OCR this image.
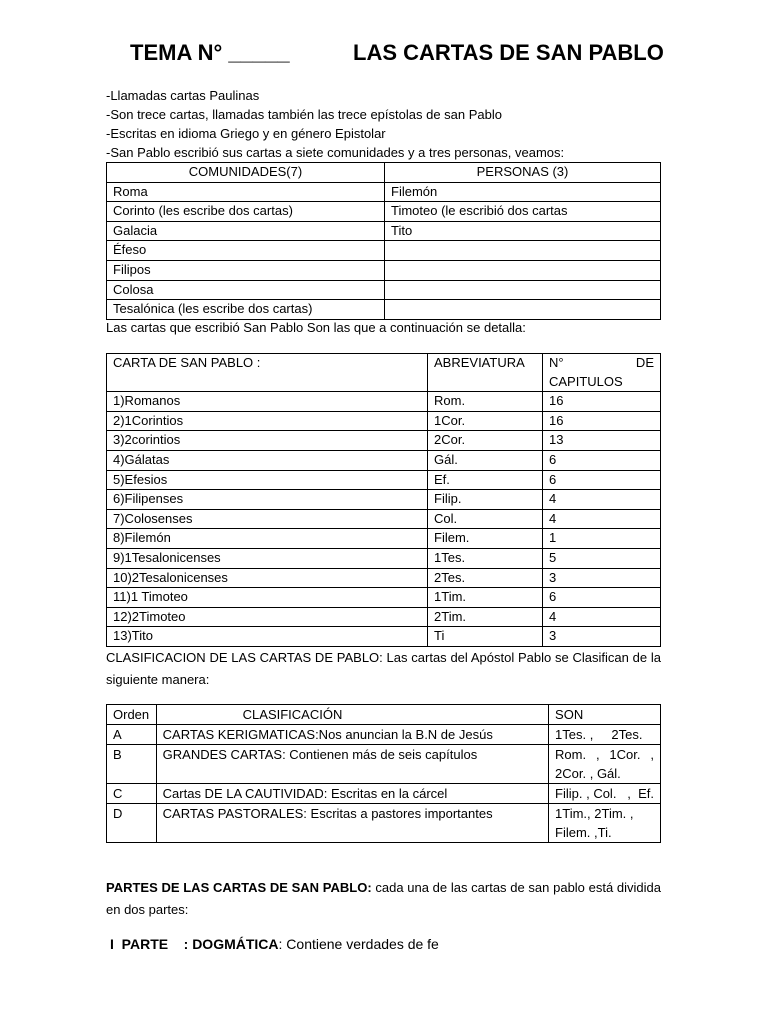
TEMA N° _____	LAS CARTAS DE SAN PABLO
-Llamadas cartas Paulinas
-Son trece cartas, llamadas también las trece epístolas de san Pablo
-Escritas en idioma Griego y en género Epistolar
-San Pablo escribió sus cartas a siete comunidades y a tres personas, veamos:
COMUNIDADES(7)	PERSONAS (3)
Roma	Filemón
Corinto (les escribe dos cartas)	Timoteo (le escribió dos cartas
Galacia	Tito
Éfeso	
Filipos	
Colosa	
Tesalónica (les escribe dos cartas)	
Las cartas que escribió San Pablo Son las que a continuación se detalla:
CARTA DE SAN PABLO :	ABREVIATURA	N° DE CAPITULOS
1)Romanos	Rom.	16
2)1Corintios	1Cor.	16
3)2corintios	2Cor.	13
4)Gálatas	Gál.	6
5)Efesios	Ef.	6
6)Filipenses	Filip.	4
7)Colosenses	Col.	4
8)Filemón	Filem.	1
9)1Tesalonicenses	1Tes.	5
10)2Tesalonicenses	2Tes.	3
11)1 Timoteo	1Tim.	6
12)2Timoteo	2Tim.	4
13)Tito	Ti	3
CLASIFICACION DE LAS CARTAS DE PABLO: Las cartas del Apóstol Pablo se Clasifican de la siguiente manera:
Orden	CLASIFICACIÓN	SON
A	CARTAS KERIGMATICAS:Nos anuncian la B.N de Jesús	1Tes. ,     2Tes.
B	GRANDES CARTAS: Contienen más de seis capítulos	Rom. , 1Cor. , 2Cor. , Gál.
C	Cartas DE LA CAUTIVIDAD: Escritas en la cárcel	Filip. , Col.   ,  Ef.
D	CARTAS PASTORALES: Escritas a pastores importantes	1Tim., 2Tim. , Filem. ,Ti.
PARTES DE LAS CARTAS DE SAN PABLO: cada una de las cartas de san pablo está dividida en dos partes:
I  PARTE    : DOGMÁTICA: Contiene verdades de fe
